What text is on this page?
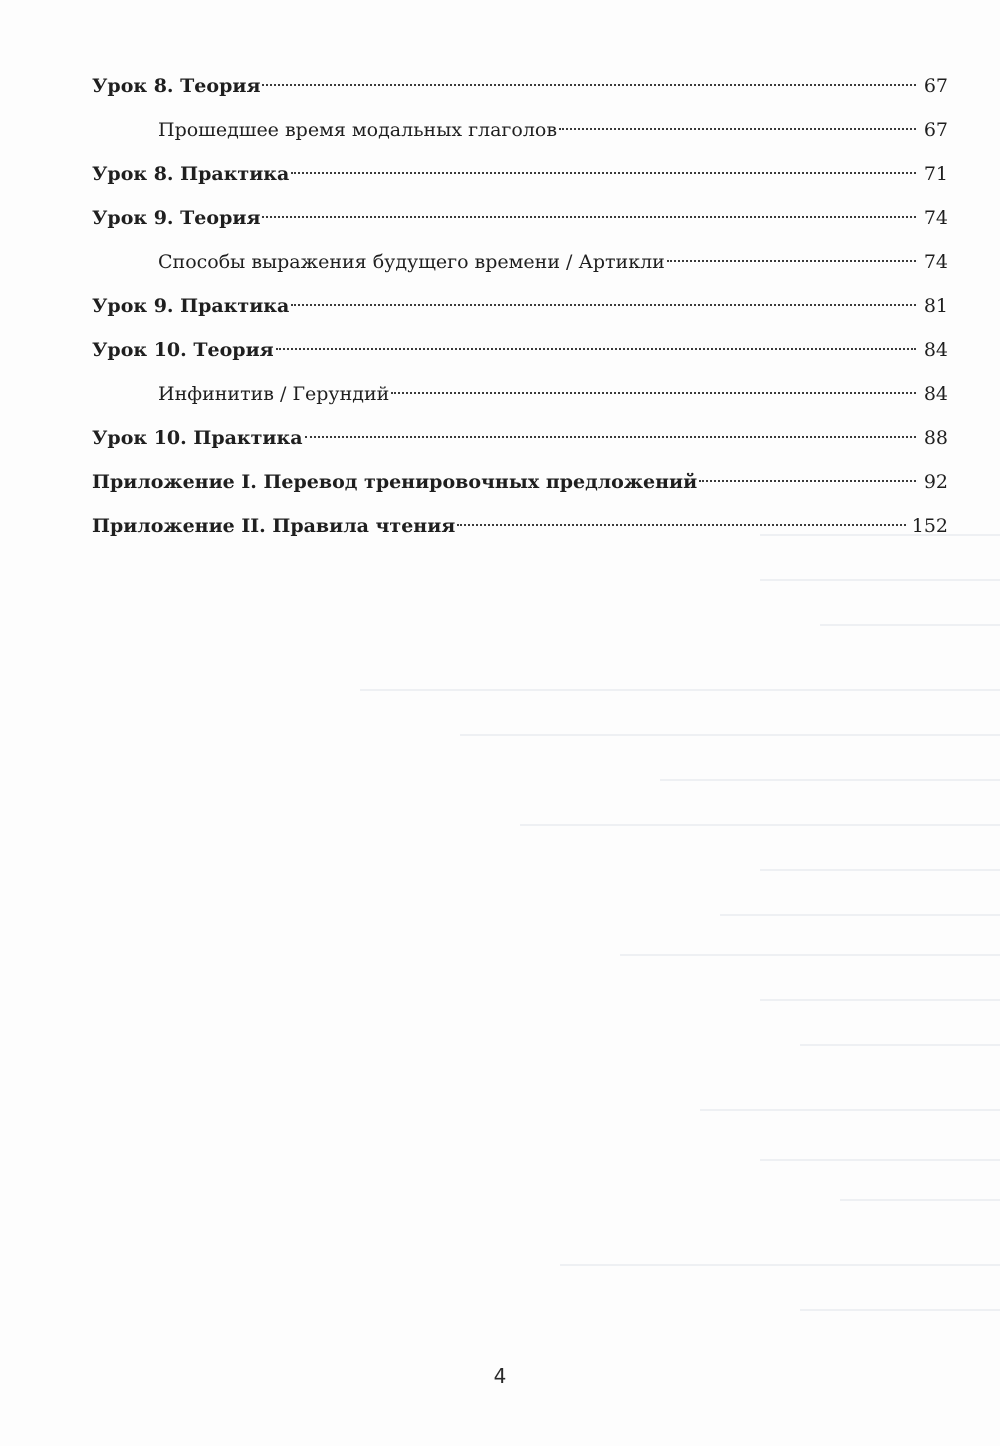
Урок 8. Теория	67
Прошедшее время модальных глаголов	67
Урок 8. Практика	71
Урок 9. Теория	74
Способы выражения будущего времени / Артикли	74
Урок 9. Практика	81
Урок 10. Теория	84
Инфинитив / Герундий	84
Урок 10. Практика	88
Приложение I. Перевод тренировочных предложений	92
Приложение II. Правила чтения	152
4
